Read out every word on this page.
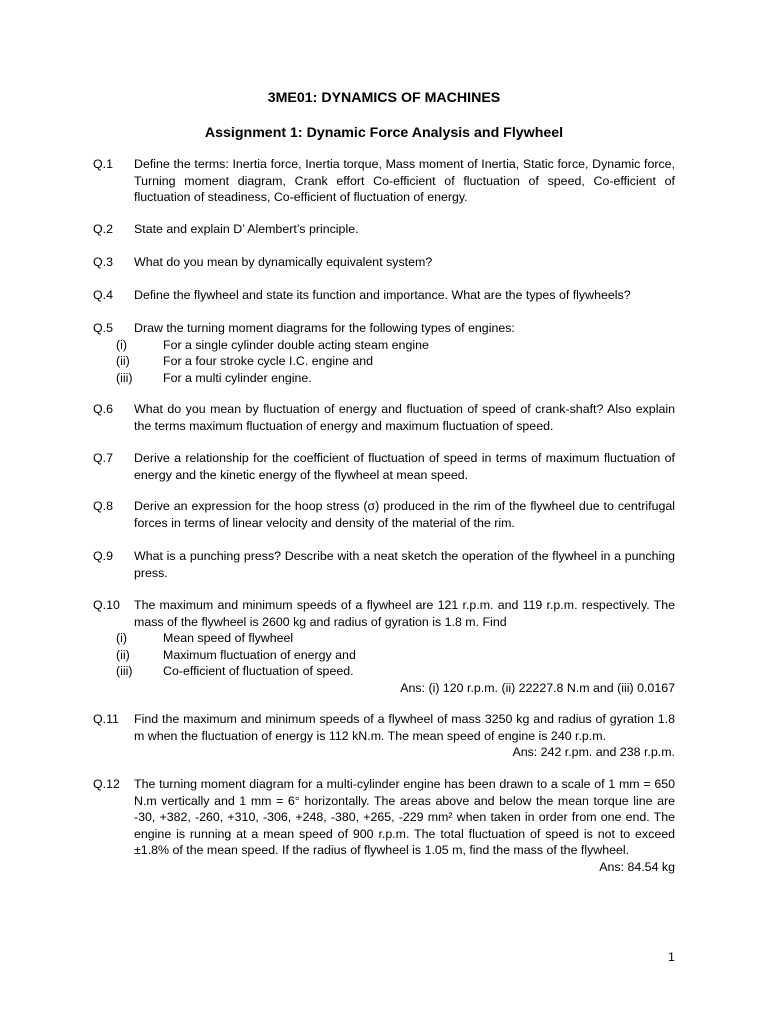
3ME01: DYNAMICS OF MACHINES
Assignment 1: Dynamic Force Analysis and Flywheel
Q.1 Define the terms: Inertia force, Inertia torque, Mass moment of Inertia, Static force, Dynamic force, Turning moment diagram, Crank effort Co-efficient of fluctuation of speed, Co-efficient of fluctuation of steadiness, Co-efficient of fluctuation of energy.
Q.2 State and explain D’ Alembert’s principle.
Q.3 What do you mean by dynamically equivalent system?
Q.4 Define the flywheel and state its function and importance. What are the types of flywheels?
Q.5 Draw the turning moment diagrams for the following types of engines:
(i)	For a single cylinder double acting steam engine
(ii)	For a four stroke cycle I.C. engine and
(iii) For a multi cylinder engine.
Q.6 What do you mean by fluctuation of energy and fluctuation of speed of crank-shaft? Also explain the terms maximum fluctuation of energy and maximum fluctuation of speed.
Q.7 Derive a relationship for the coefficient of fluctuation of speed in terms of maximum fluctuation of energy and the kinetic energy of the flywheel at mean speed.
Q.8 Derive an expression for the hoop stress (σ) produced in the rim of the flywheel due to centrifugal forces in terms of linear velocity and density of the material of the rim.
Q.9 What is a punching press? Describe with a neat sketch the operation of the flywheel in a punching press.
Q.10 The maximum and minimum speeds of a flywheel are 121 r.p.m. and 119 r.p.m. respectively. The mass of the flywheel is 2600 kg and radius of gyration is 1.8 m. Find
(i)	Mean speed of flywheel
(ii)	Maximum fluctuation of energy and
(iii) Co-efficient of fluctuation of speed.
Ans: (i) 120 r.p.m. (ii) 22227.8 N.m and (iii) 0.0167
Q.11 Find the maximum and minimum speeds of a flywheel of mass 3250 kg and radius of gyration 1.8 m when the fluctuation of energy is 112 kN.m. The mean speed of engine is 240 r.p.m.
Ans: 242 r.pm. and 238 r.p.m.
Q.12 The turning moment diagram for a multi-cylinder engine has been drawn to a scale of 1 mm = 650 N.m vertically and 1 mm = 6° horizontally. The areas above and below the mean torque line are -30, +382, -260, +310, -306, +248, -380, +265, -229 mm² when taken in order from one end. The engine is running at a mean speed of 900 r.p.m. The total fluctuation of speed is not to exceed ±1.8% of the mean speed. If the radius of flywheel is 1.05 m, find the mass of the flywheel.
Ans: 84.54 kg
1
